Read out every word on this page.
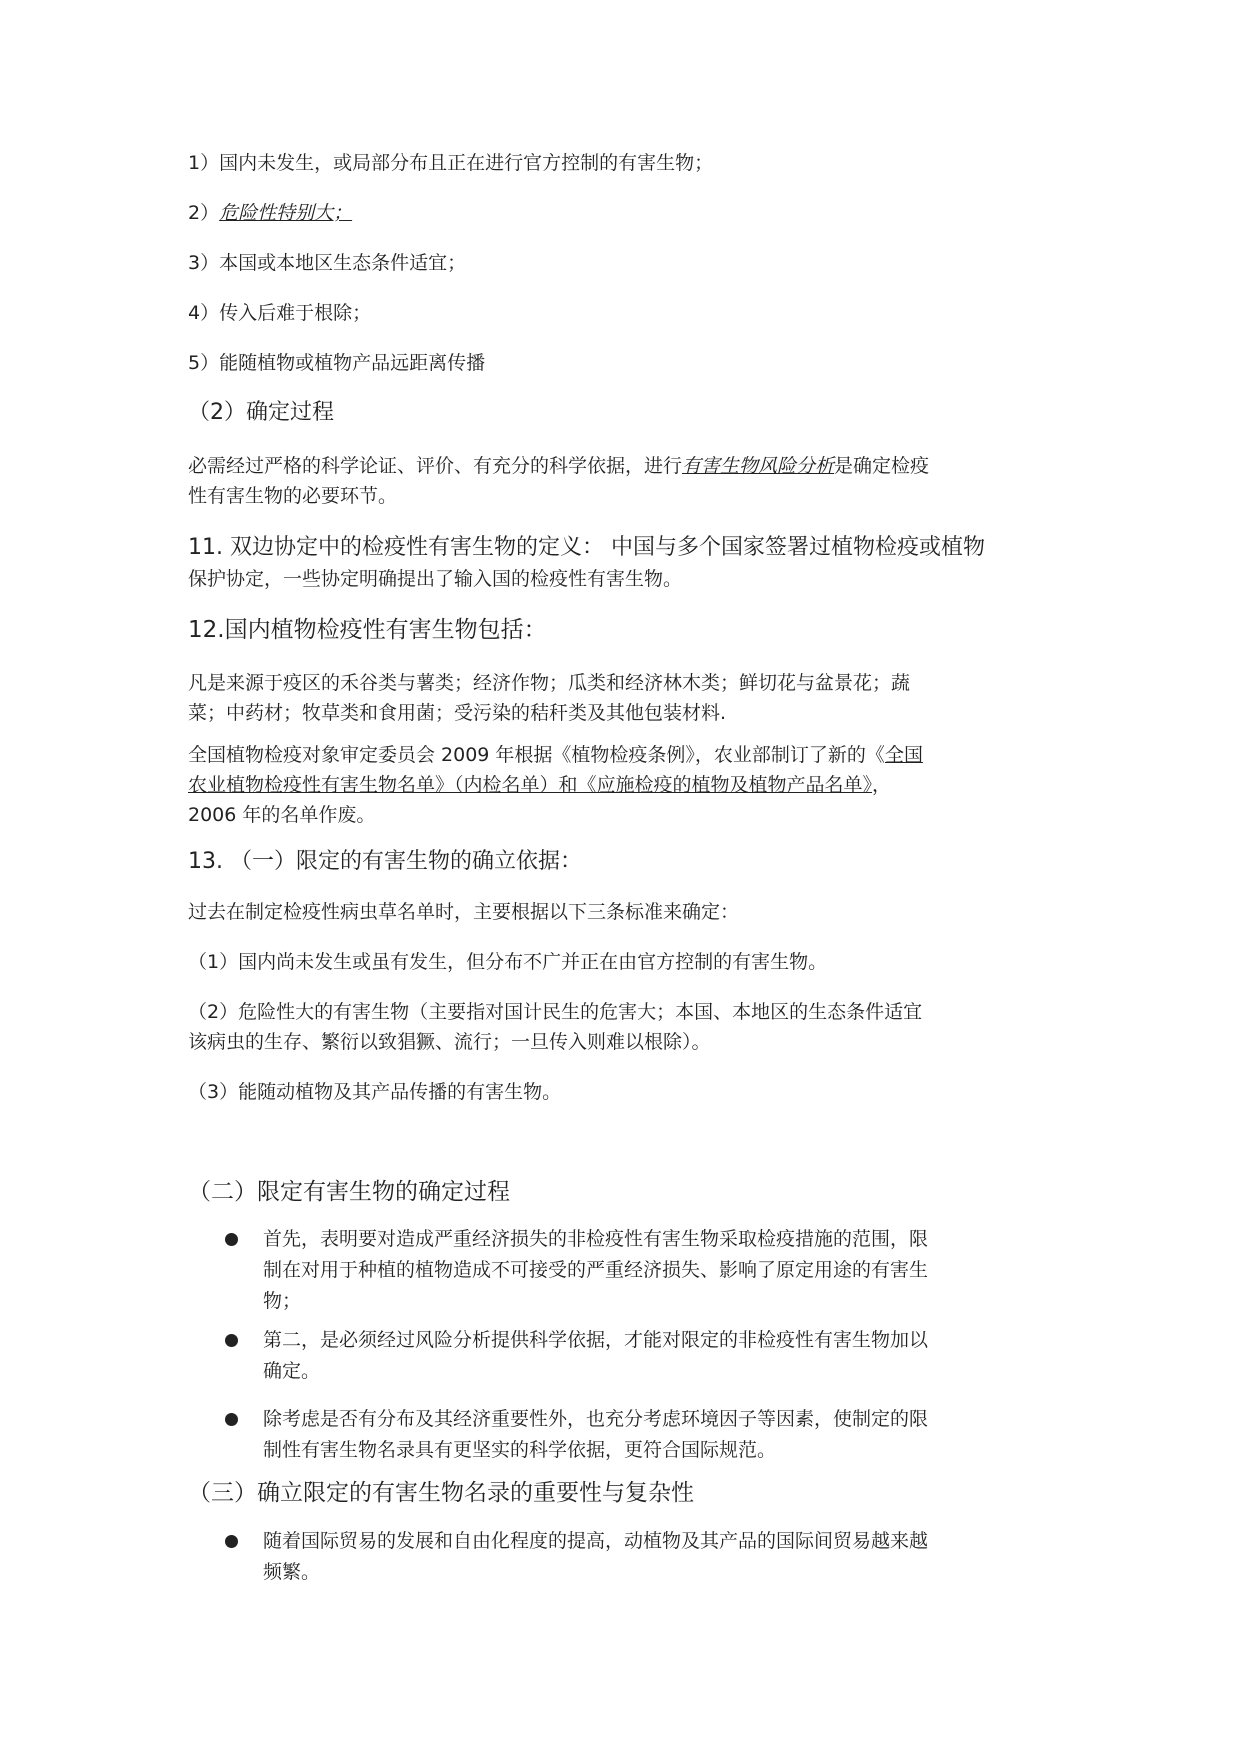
1）国内未发生，或局部分布且正在进行官方控制的有害生物；
2）危险性特别大；
3）本国或本地区生态条件适宜；
4）传入后难于根除；
5）能随植物或植物产品远距离传播
（2）确定过程
必需经过严格的科学论证、评价、有充分的科学依据，进行有害生物风险分析是确定检疫
性有害生物的必要环节。
11. 双边协定中的检疫性有害生物的定义： 中国与多个国家签署过植物检疫或植物
保护协定，一些协定明确提出了输入国的检疫性有害生物。
12.国内植物检疫性有害生物包括：
凡是来源于疫区的禾谷类与薯类；经济作物；瓜类和经济林木类；鲜切花与盆景花；蔬
菜；中药材；牧草类和食用菌；受污染的秸秆类及其他包装材料.
全国植物检疫对象审定委员会 2009 年根据《植物检疫条例》，农业部制订了新的《全国
农业植物检疫性有害生物名单》（内检名单）和《应施检疫的植物及植物产品名单》，
2006 年的名单作废。
13. （一）限定的有害生物的确立依据：
过去在制定检疫性病虫草名单时，主要根据以下三条标准来确定：
（1）国内尚未发生或虽有发生，但分布不广并正在由官方控制的有害生物。
（2）危险性大的有害生物（主要指对国计民生的危害大；本国、本地区的生态条件适宜
该病虫的生存、繁衍以致猖獗、流行；一旦传入则难以根除）。
（3）能随动植物及其产品传播的有害生物。
（二）限定有害生物的确定过程
首先，表明要对造成严重经济损失的非检疫性有害生物采取检疫措施的范围，限
制在对用于种植的植物造成不可接受的严重经济损失、影响了原定用途的有害生
物；
第二，是必须经过风险分析提供科学依据，才能对限定的非检疫性有害生物加以
确定。
除考虑是否有分布及其经济重要性外，也充分考虑环境因子等因素，使制定的限
制性有害生物名录具有更坚实的科学依据，更符合国际规范。
（三）确立限定的有害生物名录的重要性与复杂性
随着国际贸易的发展和自由化程度的提高，动植物及其产品的国际间贸易越来越
频繁。
